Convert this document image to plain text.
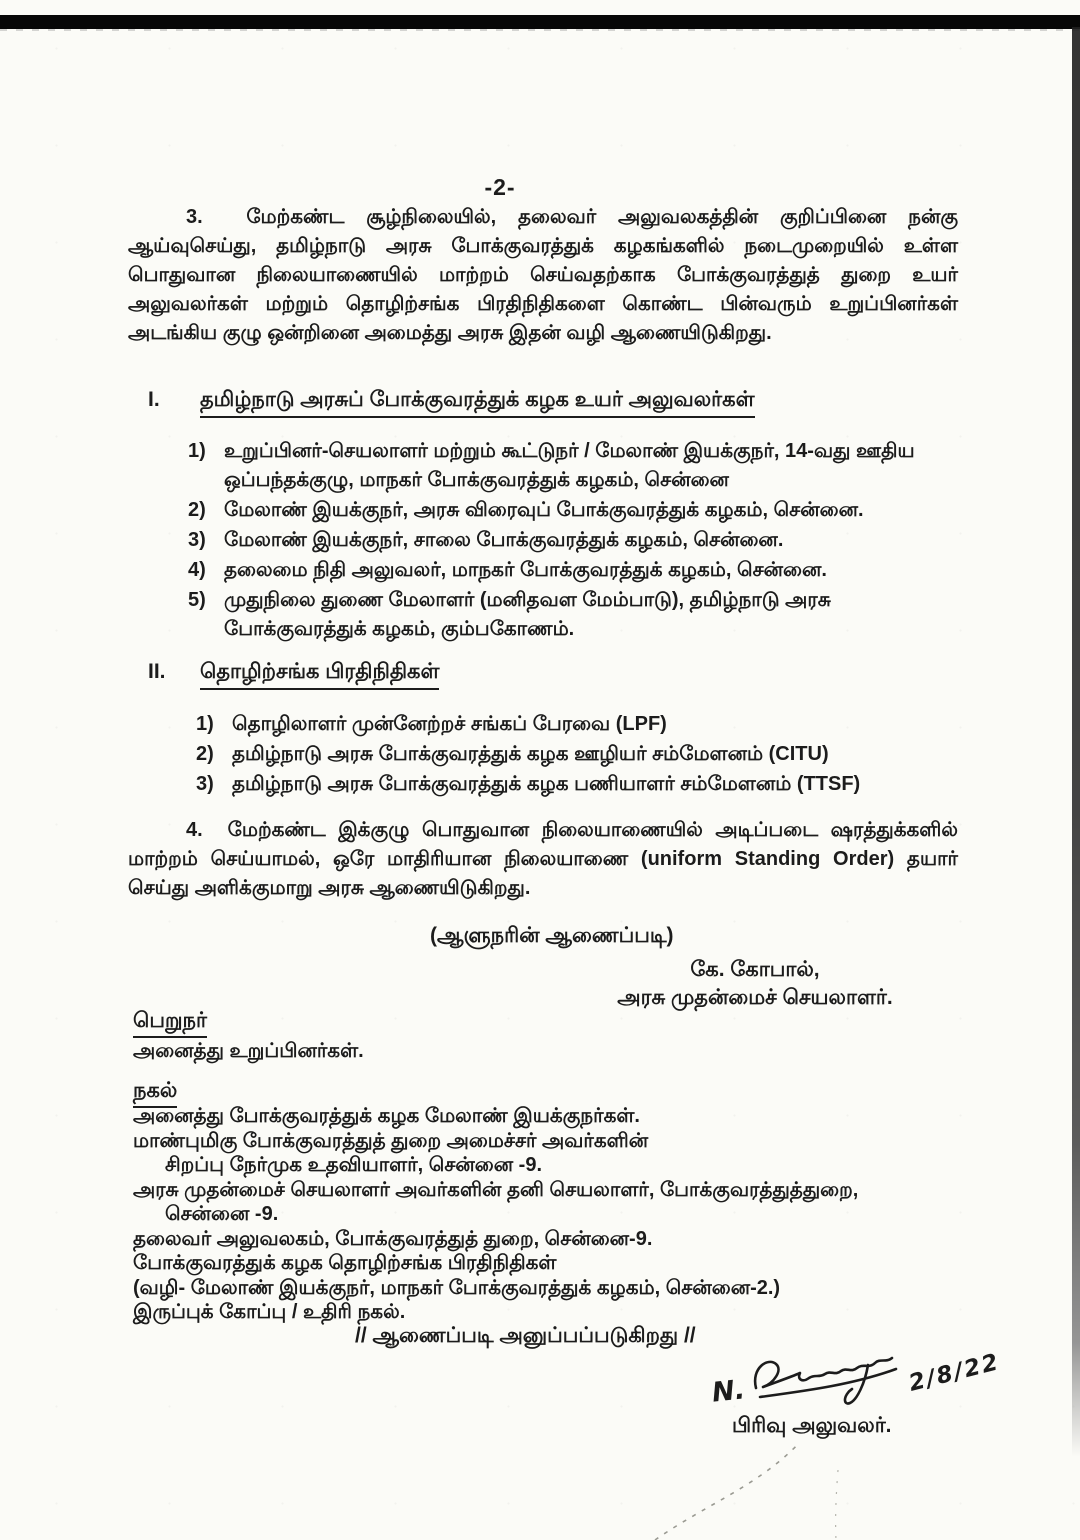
-2-
3.  மேற்கண்ட சூழ்நிலையில், தலைவர் அலுவலகத்தின் குறிப்பினை நன்கு ஆய்வுசெய்து, தமிழ்நாடு அரசு போக்குவரத்துக் கழகங்களில் நடைமுறையில் உள்ள பொதுவான நிலையாணையில் மாற்றம் செய்வதற்காக போக்குவரத்துத் துறை உயர் அலுவலர்கள் மற்றும் தொழிற்சங்க பிரதிநிதிகளை கொண்ட பின்வரும் உறுப்பினர்கள் அடங்கிய குழு ஒன்றினை அமைத்து அரசு இதன் வழி ஆணையிடுகிறது.
I.	தமிழ்நாடு அரசுப் போக்குவரத்துக் கழக உயர் அலுவலர்கள்
1) உறுப்பினர்-செயலாளர் மற்றும் கூட்டுநர் / மேலாண் இயக்குநர், 14-வது ஊதிய ஒப்பந்தக்குழு, மாநகர் போக்குவரத்துக் கழகம், சென்னை
2) மேலாண் இயக்குநர், அரசு விரைவுப் போக்குவரத்துக் கழகம், சென்னை.
3) மேலாண் இயக்குநர், சாலை போக்குவரத்துக் கழகம், சென்னை.
4) தலைமை நிதி அலுவலர், மாநகர் போக்குவரத்துக் கழகம், சென்னை.
5) முதுநிலை துணை மேலாளர் (மனிதவள மேம்பாடு), தமிழ்நாடு அரசு போக்குவரத்துக் கழகம், கும்பகோணம்.
II.	தொழிற்சங்க பிரதிநிதிகள்
1) தொழிலாளர் முன்னேற்றச் சங்கப் பேரவை (LPF)
2) தமிழ்நாடு அரசு போக்குவரத்துக் கழக ஊழியர் சம்மேளனம் (CITU)
3) தமிழ்நாடு அரசு போக்குவரத்துக் கழக பணியாளர் சம்மேளனம் (TTSF)
4.  மேற்கண்ட இக்குழு பொதுவான நிலையாணையில் அடிப்படை ஷரத்துக்களில் மாற்றம் செய்யாமல், ஒரே மாதிரியான நிலையாணை (uniform Standing Order) தயார் செய்து அளிக்குமாறு அரசு ஆணையிடுகிறது.
(ஆளுநரின் ஆணைப்படி)
கே. கோபால்,
அரசு முதன்மைச் செயலாளர்.
பெறுநர்
அனைத்து உறுப்பினர்கள்.
நகல்
அனைத்து போக்குவரத்துக் கழக மேலாண் இயக்குநர்கள்.
மாண்புமிகு போக்குவரத்துத் துறை அமைச்சர் அவர்களின்
சிறப்பு நேர்முக உதவியாளர், சென்னை -9.
அரசு முதன்மைச் செயலாளர் அவர்களின் தனி செயலாளர், போக்குவரத்துத்துறை,
சென்னை -9.
தலைவர் அலுவலகம், போக்குவரத்துத் துறை, சென்னை-9.
போக்குவரத்துக் கழக தொழிற்சங்க பிரதிநிதிகள்
(வழி- மேலாண் இயக்குநர், மாநகர் போக்குவரத்துக் கழகம், சென்னை-2.)
இருப்புக் கோப்பு / உதிரி நகல்.
// ஆணைப்படி அனுப்பப்படுகிறது //
N.	2/8/22
பிரிவு அலுவலர்.
